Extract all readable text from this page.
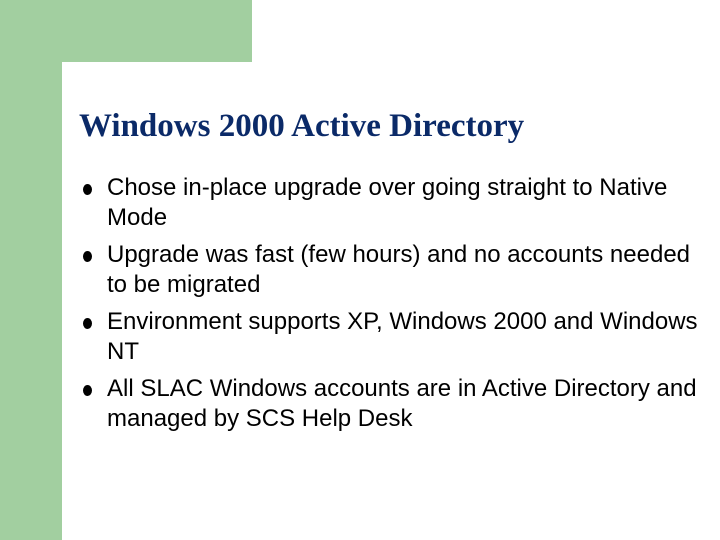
Windows 2000 Active Directory
Chose in-place upgrade over going straight to Native Mode
Upgrade was fast (few hours) and no accounts needed to be migrated
Environment supports XP, Windows 2000 and Windows NT
All SLAC Windows accounts are in Active Directory and managed by SCS Help Desk
